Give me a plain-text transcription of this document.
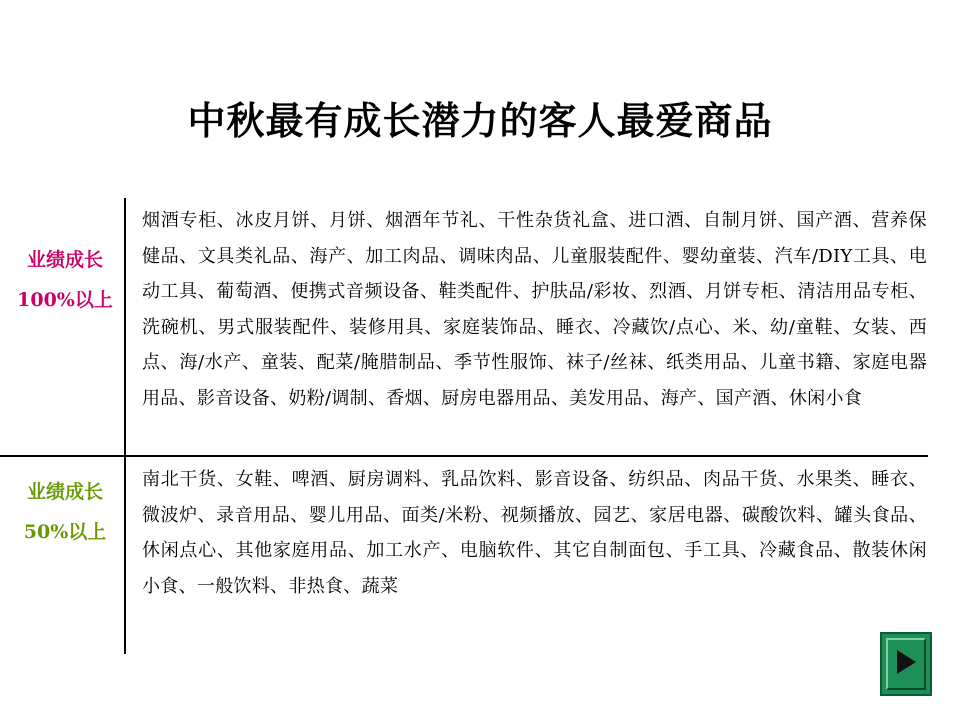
中秋最有成长潜力的客人最爱商品
业绩成长
100%以上
烟酒专柜、冰皮月饼、月饼、烟酒年节礼、干性杂货礼盒、进口酒、自制月饼、国产酒、营养保健品、文具类礼品、海产、加工肉品、调味肉品、儿童服装配件、婴幼童装、汽车/DIY工具、电动工具、葡萄酒、便携式音频设备、鞋类配件、护肤品/彩妆、烈酒、月饼专柜、清洁用品专柜、洗碗机、男式服装配件、装修用具、家庭装饰品、睡衣、冷藏饮/点心、米、幼/童鞋、女装、西点、海/水产、童装、配菜/腌腊制品、季节性服饰、袜子/丝袜、纸类用品、儿童书籍、家庭电器用品、影音设备、奶粉/调制、香烟、厨房电器用品、美发用品、海产、国产酒、休闲小食
业绩成长
50%以上
南北干货、女鞋、啤酒、厨房调料、乳品饮料、影音设备、纺织品、肉品干货、水果类、睡衣、微波炉、录音用品、婴儿用品、面类/米粉、视频播放、园艺、家居电器、碳酸饮料、罐头食品、休闲点心、其他家庭用品、加工水产、电脑软件、其它自制面包、手工具、冷藏食品、散装休闲小食、一般饮料、非热食、蔬菜
